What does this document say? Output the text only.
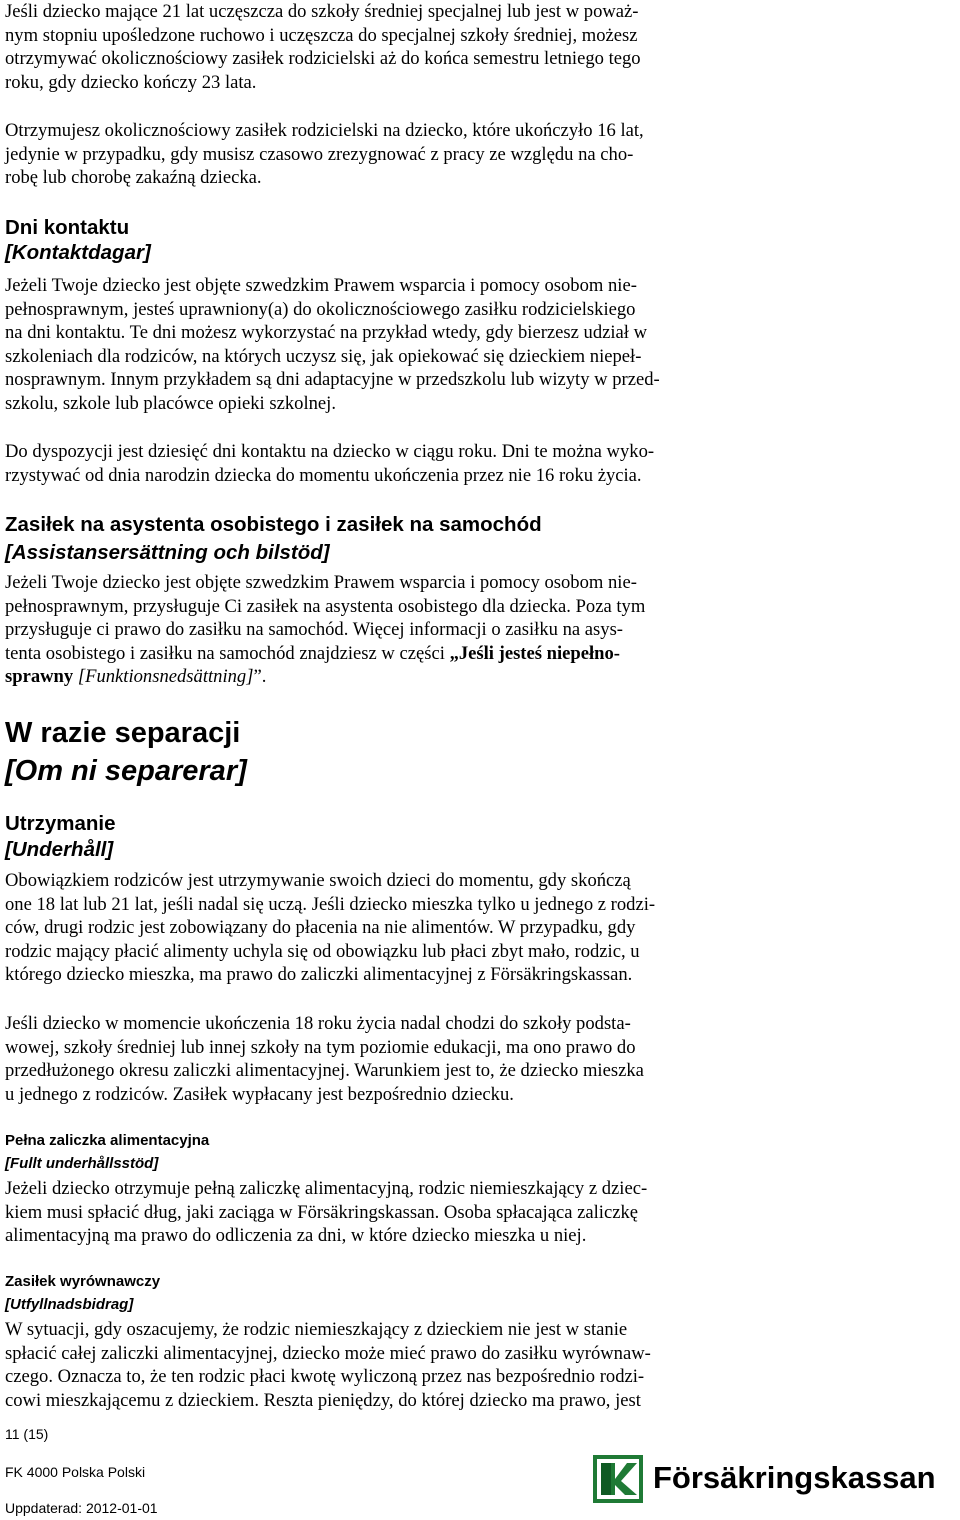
Jeśli dziecko mające 21 lat uczęszcza do szkoły średniej specjalnej lub jest w poważ-
nym stopniu upośledzone ruchowo i uczęszcza do specjalnej szkoły średniej, możesz
otrzymywać okolicznościowy zasiłek rodzicielski aż do końca semestru letniego tego
roku, gdy dziecko kończy 23 lata.

Otrzymujesz okolicznościowy zasiłek rodzicielski na dziecko, które ukończyło 16 lat,
jedynie w przypadku, gdy musisz czasowo zrezygnować z pracy ze względu na cho-
robę lub chorobę zakaźną dziecka.

Dni kontaktu
[Kontaktdagar]

Jeżeli Twoje dziecko jest objęte szwedzkim Prawem wsparcia i pomocy osobom nie-
pełnosprawnym, jesteś uprawniony(a) do okolicznościowego zasiłku rodzicielskiego
na dni kontaktu. Te dni możesz wykorzystać na przykład wtedy, gdy bierzesz udział w
szkoleniach dla rodziców, na których uczysz się, jak opiekować się dzieckiem niepeł-
nosprawnym. Innym przykładem są dni adaptacyjne w przedszkolu lub wizyty w przed-
szkolu, szkole lub placówce opieki szkolnej.

Do dyspozycji jest dziesięć dni kontaktu na dziecko w ciągu roku. Dni te można wyko-
rzystywać od dnia narodzin dziecka do momentu ukończenia przez nie 16 roku życia.

Zasiłek na asystenta osobistego i zasiłek na samochód
[Assistansersättning och bilstöd]

Jeżeli Twoje dziecko jest objęte szwedzkim Prawem wsparcia i pomocy osobom nie-
pełnosprawnym, przysługuje Ci zasiłek na asystenta osobistego dla dziecka. Poza tym
przysługuje ci prawo do zasiłku na samochód. Więcej informacji o zasiłku na asys-
tenta osobistego i zasiłku na samochód znajdziesz w części „Jeśli jesteś niepełno-
sprawny [Funktionsnedsättning]”.

W razie separacji
[Om ni separerar]
Utrzymanie
[Underhåll]

Obowiązkiem rodziców jest utrzymywanie swoich dzieci do momentu, gdy skończą
one 18 lat lub 21 lat, jeśli nadal się uczą. Jeśli dziecko mieszka tylko u jednego z rodzi-
ców, drugi rodzic jest zobowiązany do płacenia na nie alimentów. W przypadku, gdy
rodzic mający płacić alimenty uchyla się od obowiązku lub płaci zbyt mało, rodzic, u
którego dziecko mieszka, ma prawo do zaliczki alimentacyjnej z Försäkringskassan.

Jeśli dziecko w momencie ukończenia 18 roku życia nadal chodzi do szkoły podsta-
wowej, szkoły średniej lub innej szkoły na tym poziomie edukacji, ma ono prawo do
przedłużonego okresu zaliczki alimentacyjnej. Warunkiem jest to, że dziecko mieszka
u jednego z rodziców. Zasiłek wypłacany jest bezpośrednio dziecku.

Pełna zaliczka alimentacyjna
[Fullt underhållsstöd]

Jeżeli dziecko otrzymuje pełną zaliczkę alimentacyjną, rodzic niemieszkający z dziec-
kiem musi spłacić dług, jaki zaciąga w Försäkringskassan. Osoba spłacająca zaliczkę
alimentacyjną ma prawo do odliczenia za dni, w które dziecko mieszka u niej.

Zasiłek wyrównawczy
[Utfyllnadsbidrag]

W sytuacji, gdy oszacujemy, że rodzic niemieszkający z dzieckiem nie jest w stanie
spłacić całej zaliczki alimentacyjnej, dziecko może mieć prawo do zasiłku wyrównaw-
czego. Oznacza to, że ten rodzic płaci kwotę wyliczoną przez nas bezpośrednio rodzi-
cowi mieszkającemu z dzieckiem. Reszta pieniędzy, do której dziecko ma prawo, jest

11 (15)
FK 4000 Polska Polski
Uppdaterad: 2012-01-01
Försäkringskassan
